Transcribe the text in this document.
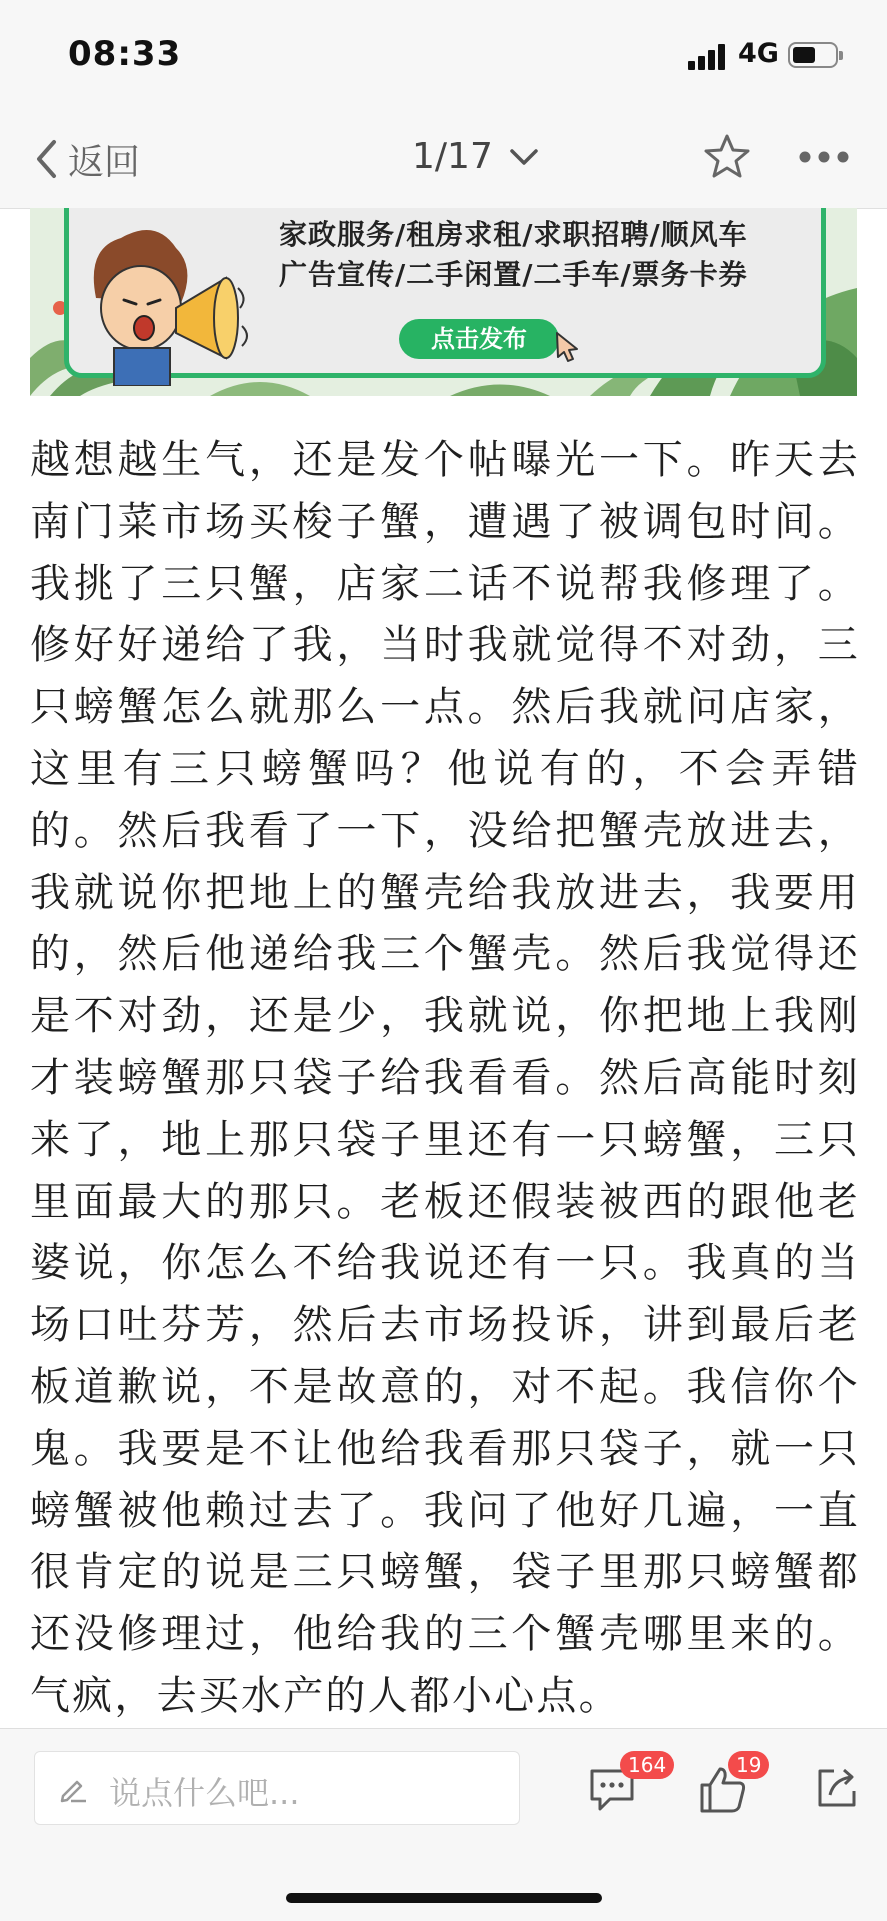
08:33	4G
返回	1/17
家政服务/租房求租/求职招聘/顺风车
广告宣传/二手闲置/二手车/票务卡券
点击发布

越想越生气，还是发个帖曝光一下。昨天去南门菜市场买梭子蟹，遭遇了被调包时间。我挑了三只蟹，店家二话不说帮我修理了。修好好递给了我，当时我就觉得不对劲，三只螃蟹怎么就那么一点。然后我就问店家，这里有三只螃蟹吗？他说有的，不会弄错的。然后我看了一下，没给把蟹壳放进去，我就说你把地上的蟹壳给我放进去，我要用的，然后他递给我三个蟹壳。然后我觉得还是不对劲，还是少，我就说，你把地上我刚才装螃蟹那只袋子给我看看。然后高能时刻来了，地上那只袋子里还有一只螃蟹，三只里面最大的那只。老板还假装被西的跟他老婆说，你怎么不给我说还有一只。我真的当场口吐芬芳，然后去市场投诉，讲到最后老板道歉说，不是故意的，对不起。我信你个鬼。我要是不让他给我看那只袋子，就一只螃蟹被他赖过去了。我问了他好几遍，一直很肯定的说是三只螃蟹，袋子里那只螃蟹都还没修理过，他给我的三个蟹壳哪里来的。气疯，去买水产的人都小心点。

说点什么吧...
164	19
